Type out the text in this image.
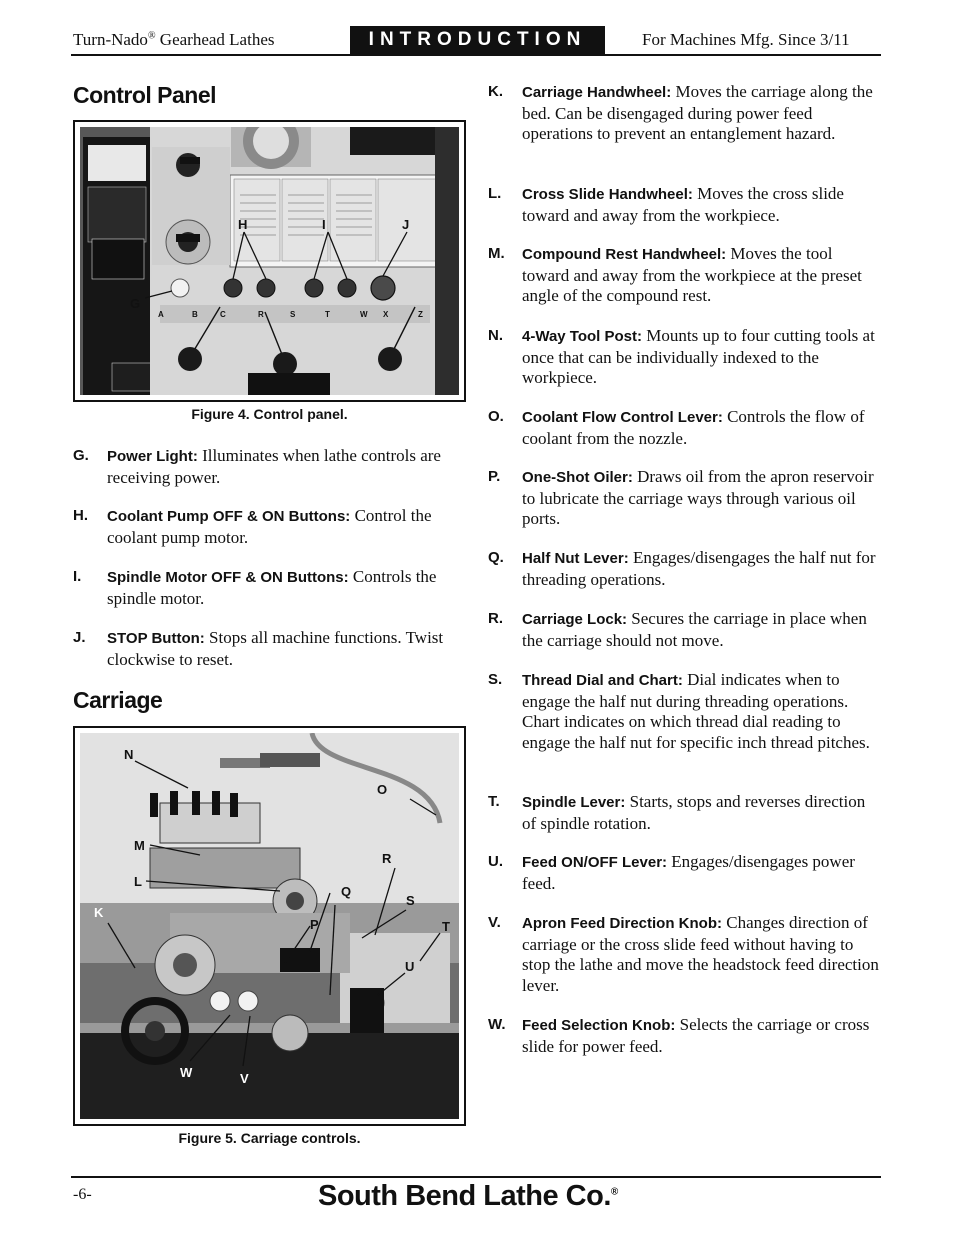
Turn-Nado® Gearhead Lathes	INTRODUCTION	For Machines Mfg. Since 3/11
Control Panel
H	I	J
G
A	B	C	R	S	T	W X	Z
Figure 4. Control panel.
G. Power Light: Illuminates when lathe controls are receiving power.
H. Coolant Pump OFF & ON Buttons: Control the coolant pump motor.
I. Spindle Motor OFF & ON Buttons: Controls the spindle motor.
J. STOP Button: Stops all machine functions. Twist clockwise to reset.
Carriage
N
O
M
R
L
Q
S
K
P	T
U
W	V
Figure 5. Carriage controls.
K. Carriage Handwheel: Moves the carriage along the bed. Can be disengaged during power feed operations to prevent an entanglement hazard.
L. Cross Slide Handwheel: Moves the cross slide toward and away from the workpiece.
M. Compound Rest Handwheel: Moves the tool toward and away from the workpiece at the preset angle of the compound rest.
N. 4-Way Tool Post: Mounts up to four cutting tools at once that can be individually indexed to the workpiece.
O. Coolant Flow Control Lever: Controls the flow of coolant from the nozzle.
P. One-Shot Oiler: Draws oil from the apron reservoir to lubricate the carriage ways through various oil ports.
Q. Half Nut Lever: Engages/disengages the half nut for threading operations.
R. Carriage Lock: Secures the carriage in place when the carriage should not move.
S. Thread Dial and Chart: Dial indicates when to engage the half nut during threading operations. Chart indicates on which thread dial reading to engage the half nut for specific inch thread pitches.
T. Spindle Lever: Starts, stops and reverses direction of spindle rotation.
U. Feed ON/OFF Lever: Engages/disengages power feed.
V. Apron Feed Direction Knob: Changes direction of carriage or the cross slide feed without having to stop the lathe and move the headstock feed direction lever.
W. Feed Selection Knob: Selects the carriage or cross slide for power feed.
-6-	South Bend Lathe Co.®
